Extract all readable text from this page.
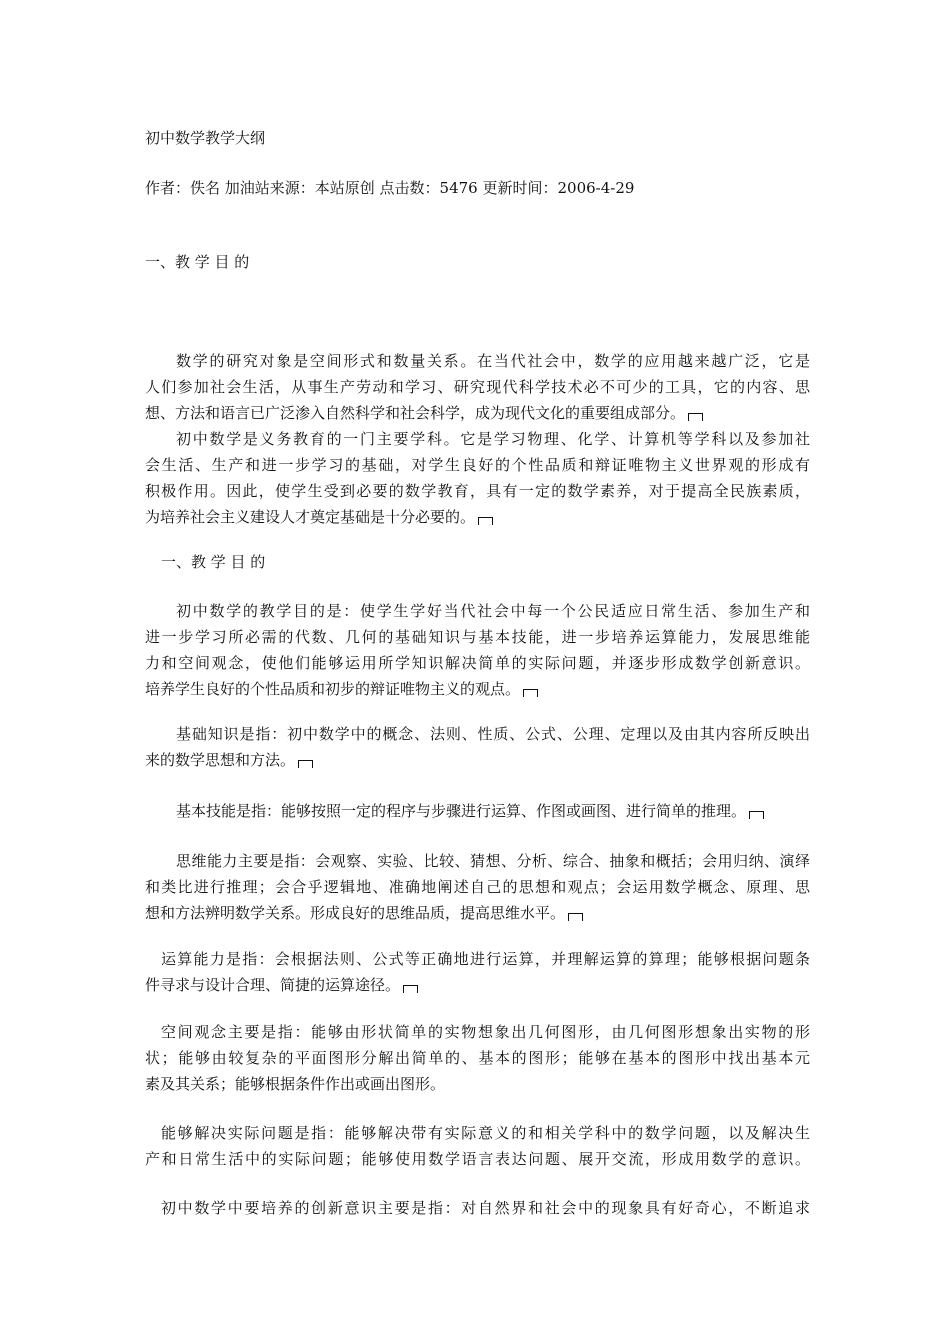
初中数学教学大纲
作者：佚名 加油站来源：本站原创 点击数：5476 更新时间：2006-4-29
一、教 学 目 的
数学的研究对象是空间形式和数量关系。在当代社会中，数学的应用越来越广泛，它是
人们参加社会生活，从事生产劳动和学习、研究现代科学技术必不可少的工具，它的内容、思
想、方法和语言已广泛渗入自然科学和社会科学，成为现代文化的重要组成部分。
初中数学是义务教育的一门主要学科。它是学习物理、化学、计算机等学科以及参加社
会生活、生产和进一步学习的基础，对学生良好的个性品质和辩证唯物主义世界观的形成有
积极作用。因此，使学生受到必要的数学教育，具有一定的数学素养，对于提高全民族素质，
为培养社会主义建设人才奠定基础是十分必要的。
一、教 学 目 的
初中数学的教学目的是：使学生学好当代社会中每一个公民适应日常生活、参加生产和
进一步学习所必需的代数、几何的基础知识与基本技能，进一步培养运算能力，发展思维能
力和空间观念，使他们能够运用所学知识解决简单的实际问题，并逐步形成数学创新意识。
培养学生良好的个性品质和初步的辩证唯物主义的观点。
基础知识是指：初中数学中的概念、法则、性质、公式、公理、定理以及由其内容所反映出
来的数学思想和方法。
基本技能是指：能够按照一定的程序与步骤进行运算、作图或画图、进行简单的推理。
思维能力主要是指：会观察、实验、比较、猜想、分析、综合、抽象和概括；会用归纳、演绎
和类比进行推理；会合乎逻辑地、准确地阐述自己的思想和观点；会运用数学概念、原理、思
想和方法辨明数学关系。形成良好的思维品质，提高思维水平。
运算能力是指：会根据法则、公式等正确地进行运算，并理解运算的算理；能够根据问题条
件寻求与设计合理、简捷的运算途径。
空间观念主要是指：能够由形状简单的实物想象出几何图形，由几何图形想象出实物的形
状；能够由较复杂的平面图形分解出简单的、基本的图形；能够在基本的图形中找出基本元
素及其关系；能够根据条件作出或画出图形。
能够解决实际问题是指：能够解决带有实际意义的和相关学科中的数学问题，以及解决生
产和日常生活中的实际问题；能够使用数学语言表达问题、展开交流，形成用数学的意识。
初中数学中要培养的创新意识主要是指：对自然界和社会中的现象具有好奇心，不断追求
